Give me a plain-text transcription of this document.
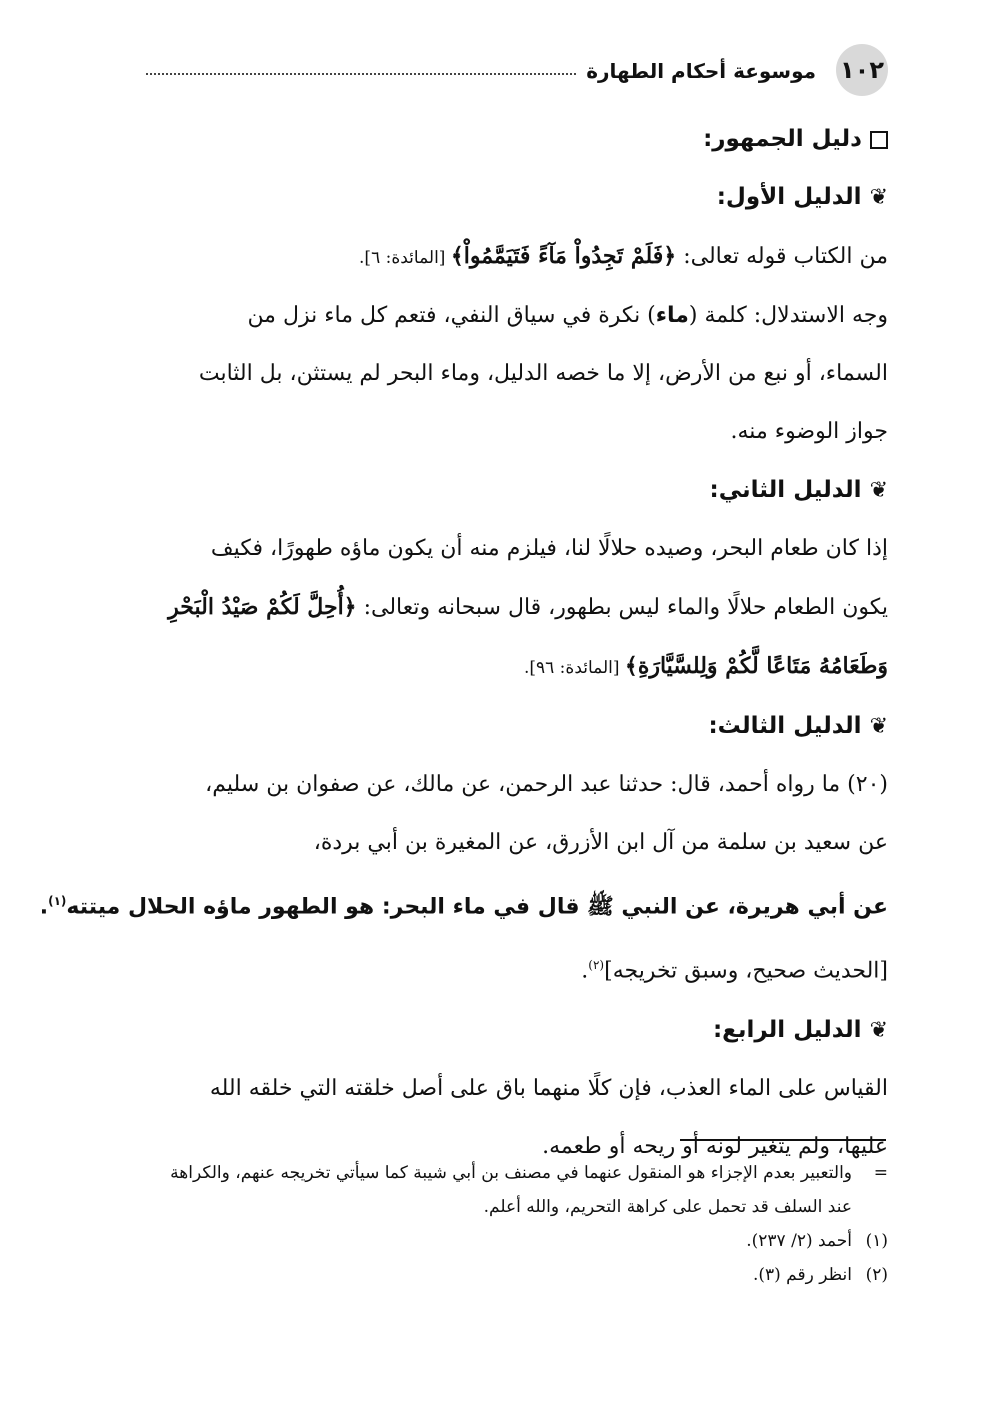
١٠٢
موسوعة أحكام الطهارة

دليل الجمهور:

❦الدليل الأول:

من الكتاب قوله تعالى: ﴿فَلَمْ تَجِدُواْ مَآءً فَتَيَمَّمُواْ﴾ [المائدة: ٦].

وجه الاستدلال: كلمة (ماء) نكرة في سياق النفي، فتعم كل ماء نزل من

السماء، أو نبع من الأرض، إلا ما خصه الدليل، وماء البحر لم يستثن، بل الثابت

جواز الوضوء منه.

❦الدليل الثاني:

إذا كان طعام البحر، وصيده حلالًا لنا، فيلزم منه أن يكون ماؤه طهورًا، فكيف

يكون الطعام حلالًا والماء ليس بطهور، قال سبحانه وتعالى: ﴿أُحِلَّ لَكُمْ صَيْدُ الْبَحْرِ

وَطَعَامُهُ مَتَاعًا لَّكُمْ وَلِلسَّيَّارَةِ﴾ [المائدة: ٩٦].

❦الدليل الثالث:

(٢٠) ما رواه أحمد، قال: حدثنا عبد الرحمن، عن مالك، عن صفوان بن سليم،

عن سعيد بن سلمة من آل ابن الأزرق، عن المغيرة بن أبي بردة،

عن أبي هريرة، عن النبي ﷺ قال في ماء البحر: هو الطهور ماؤه الحلال ميتته$^{(١)}$.

[الحديث صحيح، وسبق تخريجه]$^{(٢)}$.

❦الدليل الرابع:

القياس على الماء العذب، فإن كلًا منهما باق على أصل خلقته التي خلقه الله

عليها، ولم يتغير لونه أو ريحه أو طعمه.

=والتعبير بعدم الإجزاء هو المنقول عنهما في مصنف بن أبي شيبة كما سيأتي تخريجه عنهم، والكراهة

عند السلف قد تحمل على كراهة التحريم، والله أعلم.

(١)أحمد (٢/ ٢٣٧).

(٢)انظر رقم (٣).
